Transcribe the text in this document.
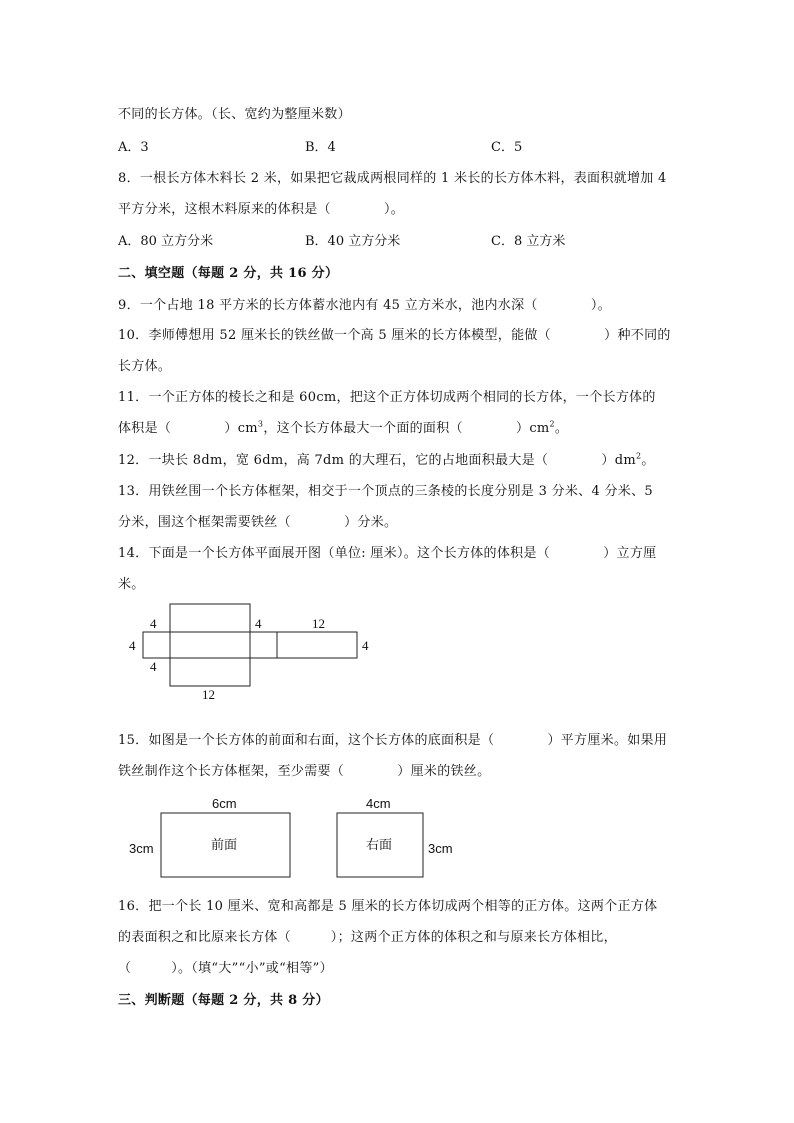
不同的长方体。（长、宽约为整厘米数）
A．3	B．4	C．5
8．一根长方体木料长 2 米，如果把它裁成两根同样的 1 米长的长方体木料，表面积就增加 4
平方分米，这根木料原来的体积是（　　　　）。
A．80 立方分米	B．40 立方分米	C．8 立方米
二、填空题（每题 2 分，共 16 分）
9．一个占地 18 平方米的长方体蓄水池内有 45 立方米水，池内水深（　　　　）。
10．李师傅想用 52 厘米长的铁丝做一个高 5 厘米的长方体模型，能做（　　　　）种不同的
长方体。
11．一个正方体的棱长之和是 60cm，把这个正方体切成两个相同的长方体，一个长方体的
体积是（　　　　）$cm^3$，这个长方体最大一个面的面积（　　　　）$cm^2$。
12．一块长 8dm，宽 6dm，高 7dm 的大理石，它的占地面积最大是（　　　　）$dm^2$。
13．用铁丝围一个长方体框架，相交于一个顶点的三条棱的长度分别是 3 分米、4 分米、5
分米，围这个框架需要铁丝（　　　　）分米。
14．下面是一个长方体平面展开图（单位: 厘米）。这个长方体的体积是（　　　　）立方厘
米。
4
4
4
4	12
4
12
15．如图是一个长方体的前面和右面，这个长方体的底面积是（　　　　）平方厘米。如果用
铁丝制作这个长方体框架，至少需要（　　　　）厘米的铁丝。
6cm
3cm	前面
4cm
3cm
右面
16．把一个长 10 厘米、宽和高都是 5 厘米的长方体切成两个相等的正方体。这两个正方体
的表面积之和比原来长方体（　　　）；这两个正方体的体积之和与原来长方体相比，
（　　　）。（填“大”“小”或“相等”）
三、判断题（每题 2 分，共 8 分）
